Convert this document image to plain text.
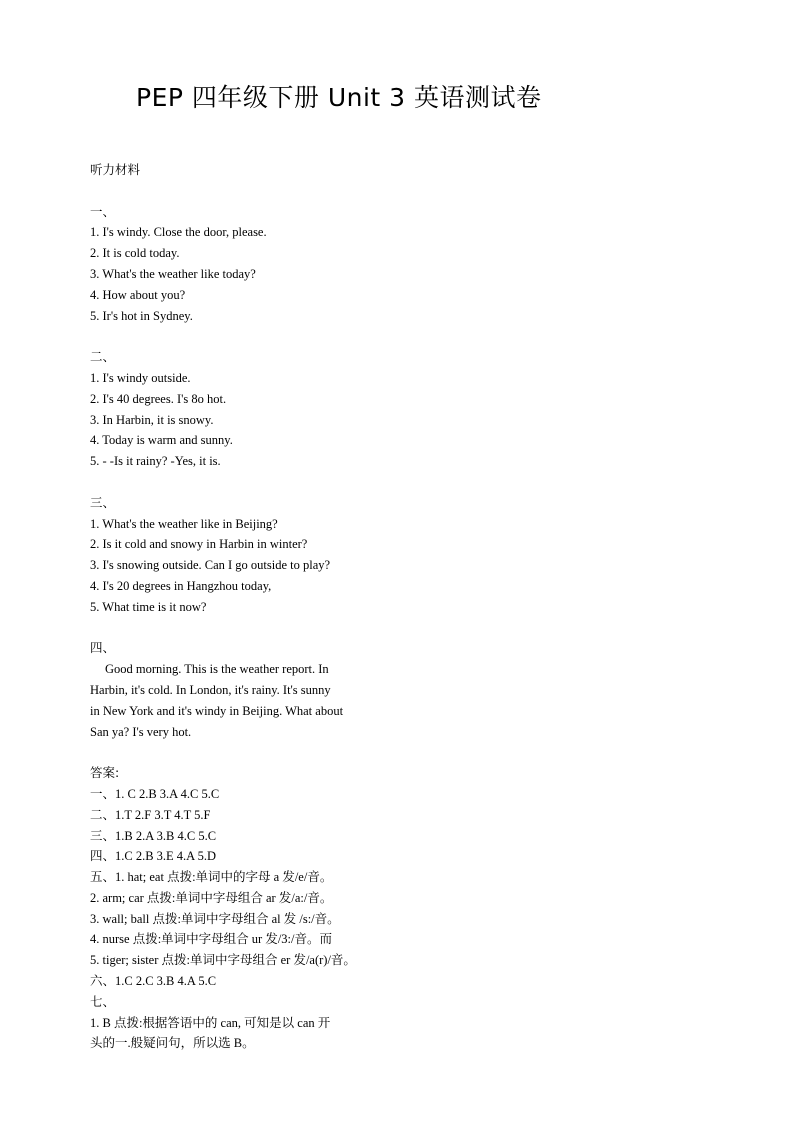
PEP 四年级下册 Unit 3 英语测试卷
听力材料
一、
1. I's windy. Close the door, please.
2. It is cold today.
3. What's the weather like today?
4. How about you?
5. Ir's hot in Sydney.
二、
1. I's windy outside.
2. I's 40 degrees. I's 8o hot.
3. In Harbin, it is snowy.
4. Today is warm and sunny.
5. - -Is it rainy? -Yes, it is.
三、
1. What's the weather like in Beijing?
2. Is it cold and snowy in Harbin in winter?
3. I's snowing outside. Can I go outside to play?
4. I's 20 degrees in Hangzhou today,
5. What time is it now?
四、
Good morning. This is the weather report. In
Harbin, it's cold. In London, it's rainy. It's sunny
in New York and it's windy in Beijing. What about
San ya? I's very hot.
答案:
一、1. C 2.B 3.A 4.C 5.C
二、1.T 2.F 3.T 4.T 5.F
三、1.B 2.A 3.B 4.C 5.C
四、1.C 2.B 3.E 4.A 5.D
五、1. hat; eat 点拨:单词中的字母 a 发/e/音。
2. arm; car 点拨:单词中字母组合 ar 发/a:/音。
3. wall; ball 点拨:单词中字母组合 al 发 /s:/音。
4. nurse 点拨:单词中字母组合 ur 发/3:/音。而
5. tiger; sister 点拨:单词中字母组合 er 发/a(r)/音。
六、1.C 2.C 3.B 4.A 5.C
七、
1. B 点拨:根据答语中的 can, 可知是以 can 开
头的一.般疑问句，所以选 B。
